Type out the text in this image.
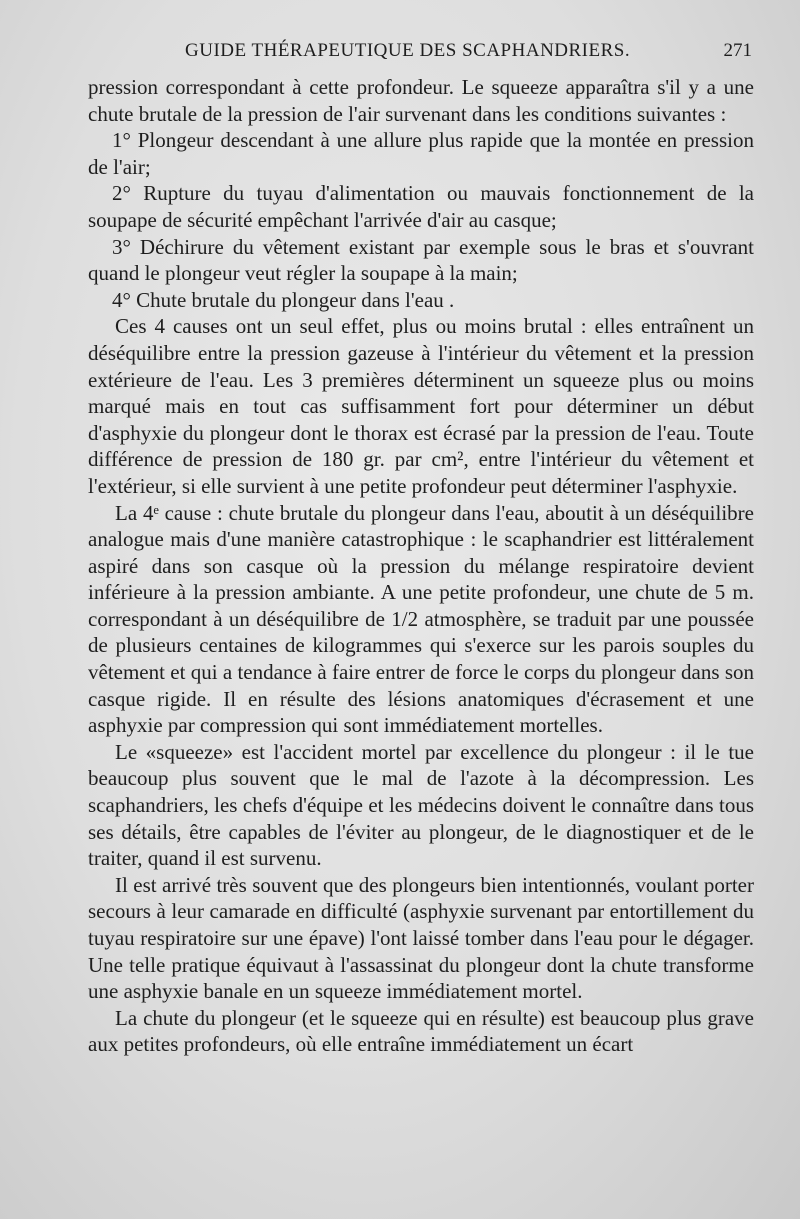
GUIDE THÉRAPEUTIQUE DES SCAPHANDRIERS.	271

pression correspondant à cette profondeur. Le squeeze apparaîtra s'il y a une chute brutale de la pression de l'air survenant dans les conditions suivantes :

1° Plongeur descendant à une allure plus rapide que la montée en pression de l'air;

2° Rupture du tuyau d'alimentation ou mauvais fonctionnement de la soupape de sécurité empêchant l'arrivée d'air au casque;

3° Déchirure du vêtement existant par exemple sous le bras et s'ouvrant quand le plongeur veut régler la soupape à la main;

4° Chute brutale du plongeur dans l'eau .

Ces 4 causes ont un seul effet, plus ou moins brutal : elles entraînent un déséquilibre entre la pression gazeuse à l'intérieur du vêtement et la pression extérieure de l'eau. Les 3 premières déterminent un squeeze plus ou moins marqué mais en tout cas suffisamment fort pour déterminer un début d'asphyxie du plongeur dont le thorax est écrasé par la pression de l'eau. Toute différence de pression de 180 gr. par cm², entre l'intérieur du vêtement et l'extérieur, si elle survient à une petite profondeur peut déterminer l'asphyxie.

La 4ᵉ cause : chute brutale du plongeur dans l'eau, aboutit à un déséquilibre analogue mais d'une manière catastrophique : le scaphandrier est littéralement aspiré dans son casque où la pression du mélange respiratoire devient inférieure à la pression ambiante. A une petite profondeur, une chute de 5 m. correspondant à un déséquilibre de 1/2 atmosphère, se traduit par une poussée de plusieurs centaines de kilogrammes qui s'exerce sur les parois souples du vêtement et qui a tendance à faire entrer de force le corps du plongeur dans son casque rigide. Il en résulte des lésions anatomiques d'écrasement et une asphyxie par compression qui sont immédiatement mortelles.

Le «squeeze» est l'accident mortel par excellence du plongeur : il le tue beaucoup plus souvent que le mal de l'azote à la décompression. Les scaphandriers, les chefs d'équipe et les médecins doivent le connaître dans tous ses détails, être capables de l'éviter au plongeur, de le diagnostiquer et de le traiter, quand il est survenu.

Il est arrivé très souvent que des plongeurs bien intentionnés, voulant porter secours à leur camarade en difficulté (asphyxie survenant par entortillement du tuyau respiratoire sur une épave) l'ont laissé tomber dans l'eau pour le dégager. Une telle pratique équivaut à l'assassinat du plongeur dont la chute transforme une asphyxie banale en un squeeze immédiatement mortel.

La chute du plongeur (et le squeeze qui en résulte) est beaucoup plus grave aux petites profondeurs, où elle entraîne immédiatement un écart
